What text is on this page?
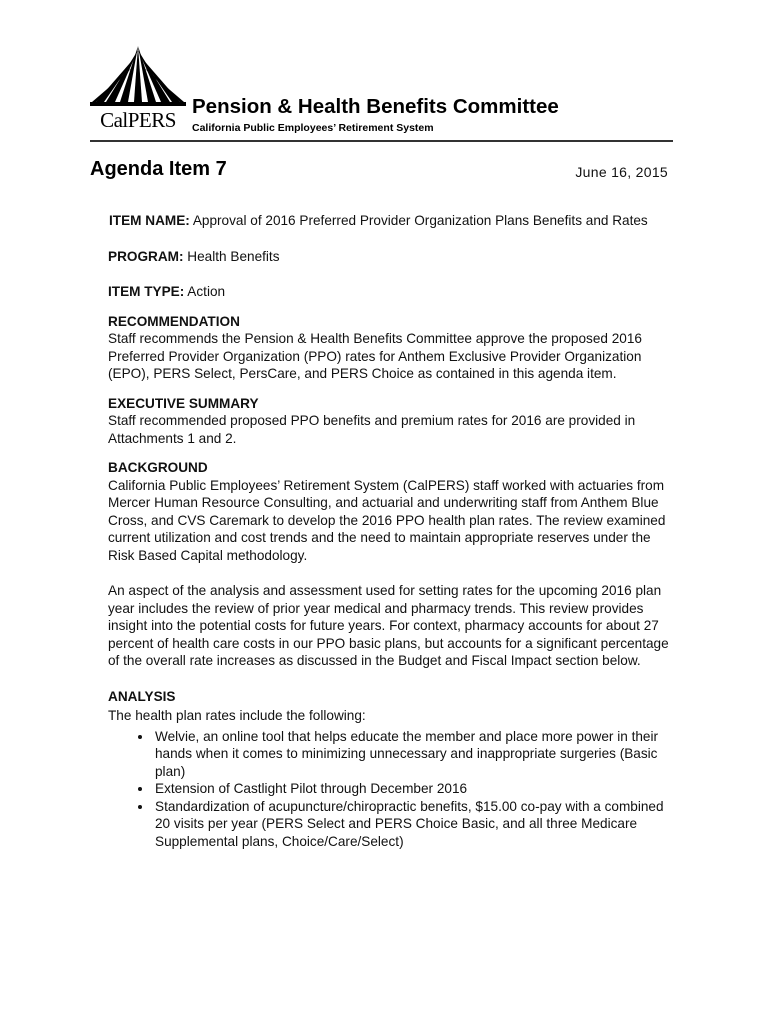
CalPERS
Pension & Health Benefits Committee
California Public Employees’ Retirement System
Agenda Item 7	June 16, 2015

ITEM NAME: Approval of 2016 Preferred Provider Organization Plans Benefits and Rates

PROGRAM: Health Benefits

ITEM TYPE: Action

RECOMMENDATION

Staff recommends the Pension & Health Benefits Committee approve the proposed 2016 Preferred Provider Organization (PPO) rates for Anthem Exclusive Provider Organization (EPO), PERS Select, PersCare, and PERS Choice as contained in this agenda item.

EXECUTIVE SUMMARY

Staff recommended proposed PPO benefits and premium rates for 2016 are provided in Attachments 1 and 2.

BACKGROUND

California Public Employees’ Retirement System (CalPERS) staff worked with actuaries from Mercer Human Resource Consulting, and actuarial and underwriting staff from Anthem Blue Cross, and CVS Caremark to develop the 2016 PPO health plan rates. The review examined current utilization and cost trends and the need to maintain appropriate reserves under the Risk Based Capital methodology.

An aspect of the analysis and assessment used for setting rates for the upcoming 2016 plan year includes the review of prior year medical and pharmacy trends. This review provides insight into the potential costs for future years. For context, pharmacy accounts for about 27 percent of health care costs in our PPO basic plans, but accounts for a significant percentage of the overall rate increases as discussed in the Budget and Fiscal Impact section below.

ANALYSIS

The health plan rates include the following:

• Welvie, an online tool that helps educate the member and place more power in their hands when it comes to minimizing unnecessary and inappropriate surgeries (Basic plan)
• Extension of Castlight Pilot through December 2016
• Standardization of acupuncture/chiropractic benefits, $15.00 co-pay with a combined 20 visits per year (PERS Select and PERS Choice Basic, and all three Medicare Supplemental plans, Choice/Care/Select)
